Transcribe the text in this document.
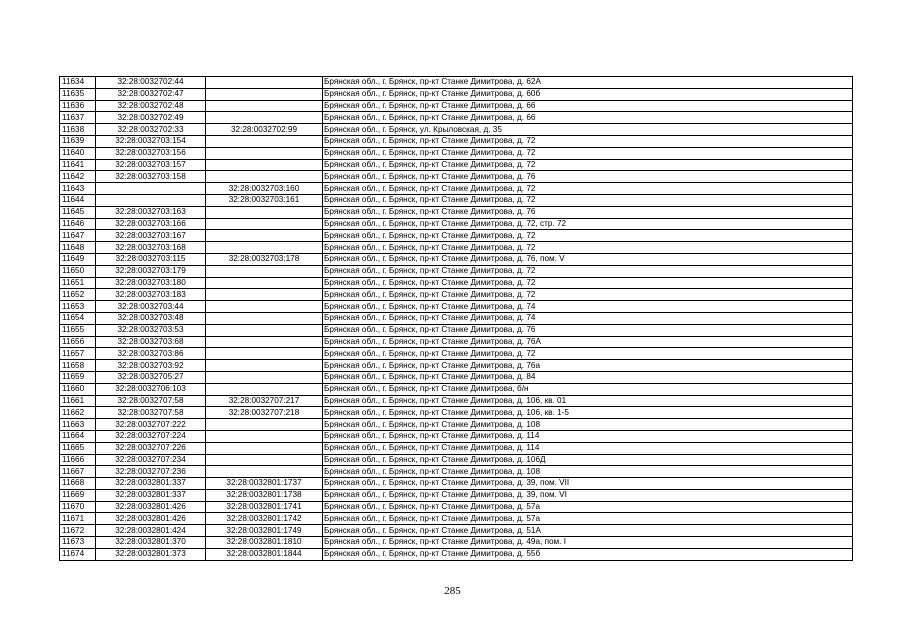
11634	32:28:0032702:44		Брянская обл., г. Брянск, пр-кт Станке Димитрова, д. 62А
11635	32:28:0032702:47		Брянская обл., г. Брянск, пр-кт Станке Димитрова, д. 60б
11636	32:28:0032702:48		Брянская обл., г. Брянск, пр-кт Станке Димитрова, д. 66
11637	32:28:0032702:49		Брянская обл., г. Брянск, пр-кт Станке Димитрова, д. 66
11638	32:28:0032702:33	32:28:0032702:99	Брянская обл., г. Брянск, ул. Крыловская, д. 35
11639	32:28:0032703:154		Брянская обл., г. Брянск, пр-кт Станке Димитрова, д. 72
11640	32:28:0032703:156		Брянская обл., г. Брянск, пр-кт Станке Димитрова, д. 72
11641	32:28:0032703:157		Брянская обл., г. Брянск, пр-кт Станке Димитрова, д. 72
11642	32:28:0032703:158		Брянская обл., г. Брянск, пр-кт Станке Димитрова, д. 76
11643		32:28:0032703:160	Брянская обл., г. Брянск, пр-кт Станке Димитрова, д. 72
11644		32:28:0032703:161	Брянская обл., г. Брянск, пр-кт Станке Димитрова, д. 72
11645	32:28:0032703:163		Брянская обл., г. Брянск, пр-кт Станке Димитрова, д. 76
11646	32:28:0032703:166		Брянская обл., г. Брянск, пр-кт Станке Димитрова, д. 72, стр. 72
11647	32:28:0032703:167		Брянская обл., г. Брянск, пр-кт Станке Димитрова, д. 72
11648	32:28:0032703:168		Брянская обл., г. Брянск, пр-кт Станке Димитрова, д. 72
11649	32:28:0032703:115	32:28:0032703:178	Брянская обл., г. Брянск, пр-кт Станке Димитрова, д. 76, пом. V
11650	32:28:0032703:179		Брянская обл., г. Брянск, пр-кт Станке Димитрова, д. 72
11651	32:28:0032703:180		Брянская обл., г. Брянск, пр-кт Станке Димитрова, д. 72
11652	32:28:0032703:183		Брянская обл., г. Брянск, пр-кт Станке Димитрова, д. 72
11653	32:28:0032703:44		Брянская обл., г. Брянск, пр-кт Станке Димитрова, д. 74
11654	32:28:0032703:48		Брянская обл., г. Брянск, пр-кт Станке Димитрова, д. 74
11655	32:28:0032703:53		Брянская обл., г. Брянск, пр-кт Станке Димитрова, д. 76
11656	32:28:0032703:68		Брянская обл., г. Брянск, пр-кт Станке Димитрова, д. 76А
11657	32:28:0032703:86		Брянская обл., г. Брянск, пр-кт Станке Димитрова, д. 72
11658	32:28:0032703:92		Брянская обл., г. Брянск, пр-кт Станке Димитрова, д. 76а
11659	32:28:0032705:27		Брянская обл., г. Брянск, пр-кт Станке Димитрова, д. 84
11660	32:28:0032706:103		Брянская обл., г. Брянск, пр-кт Станке Димитрова, б/н
11661	32:28:0032707:58	32:28:0032707:217	Брянская обл., г. Брянск, пр-кт Станке Димитрова, д. 106, кв. 01
11662	32:28:0032707:58	32:28:0032707:218	Брянская обл., г. Брянск, пр-кт Станке Димитрова, д. 106, кв. 1-5
11663	32:28:0032707:222		Брянская обл., г. Брянск, пр-кт Станке Димитрова, д. 108
11664	32:28:0032707:224		Брянская обл., г. Брянск, пр-кт Станке Димитрова, д. 114
11665	32:28:0032707:226		Брянская обл., г. Брянск, пр-кт Станке Димитрова, д. 114
11666	32:28:0032707:234		Брянская обл., г. Брянск, пр-кт Станке Димитрова, д. 106Д
11667	32:28:0032707:236		Брянская обл., г. Брянск, пр-кт Станке Димитрова, д. 108
11668	32:28:0032801:337	32:28:0032801:1737	Брянская обл., г. Брянск, пр-кт Станке Димитрова, д. 39, пом. VII
11669	32:28:0032801:337	32:28:0032801:1738	Брянская обл., г. Брянск, пр-кт Станке Димитрова, д. 39, пом. VI
11670	32:28:0032801:426	32:28:0032801:1741	Брянская обл., г. Брянск, пр-кт Станке Димитрова, д. 57а
11671	32:28:0032801:426	32:28:0032801:1742	Брянская обл., г. Брянск, пр-кт Станке Димитрова, д. 57а
11672	32:28:0032801:424	32:28:0032801:1749	Брянская обл., г. Брянск, пр-кт Станке Димитрова, д. 51А
11673	32:28:0032801:370	32:28:0032801:1810	Брянская обл., г. Брянск, пр-кт Станке Димитрова, д. 49а, пом. I
11674	32:28:0032801:373	32:28:0032801:1844	Брянская обл., г. Брянск, пр-кт Станке Димитрова, д. 55б
285
